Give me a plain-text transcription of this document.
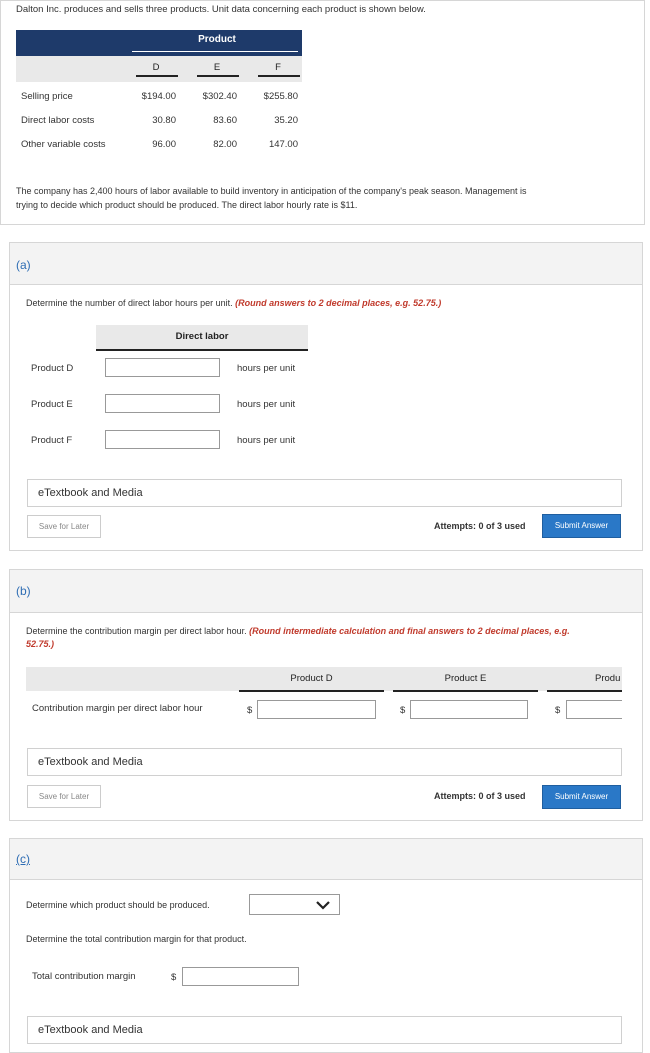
Dalton Inc. produces and sells three products. Unit data concerning each product is shown below.
Product
D	E	F
Selling price	$194.00	$302.40	$255.80
Direct labor costs	30.80	83.60	35.20
Other variable costs	96.00	82.00	147.00
The company has 2,400 hours of labor available to build inventory in anticipation of the company's peak season. Management is
trying to decide which product should be produced. The direct labor hourly rate is $11.
(a)
Determine the number of direct labor hours per unit. (Round answers to 2 decimal places, e.g. 52.75.)
Direct labor
Product D	hours per unit
Product E	hours per unit
Product F	hours per unit
eTextbook and Media
Save for Later	Attempts: 0 of 3 used	Submit Answer
(b)
Determine the contribution margin per direct labor hour. (Round intermediate calculation and final answers to 2 decimal places, e.g.
52.75.)
Product D	Product E	Produ
Contribution margin per direct labor hour	$	$	$
eTextbook and Media
Save for Later	Attempts: 0 of 3 used	Submit Answer
(c)
Determine which product should be produced.
Determine the total contribution margin for that product.
Total contribution margin	$
eTextbook and Media
